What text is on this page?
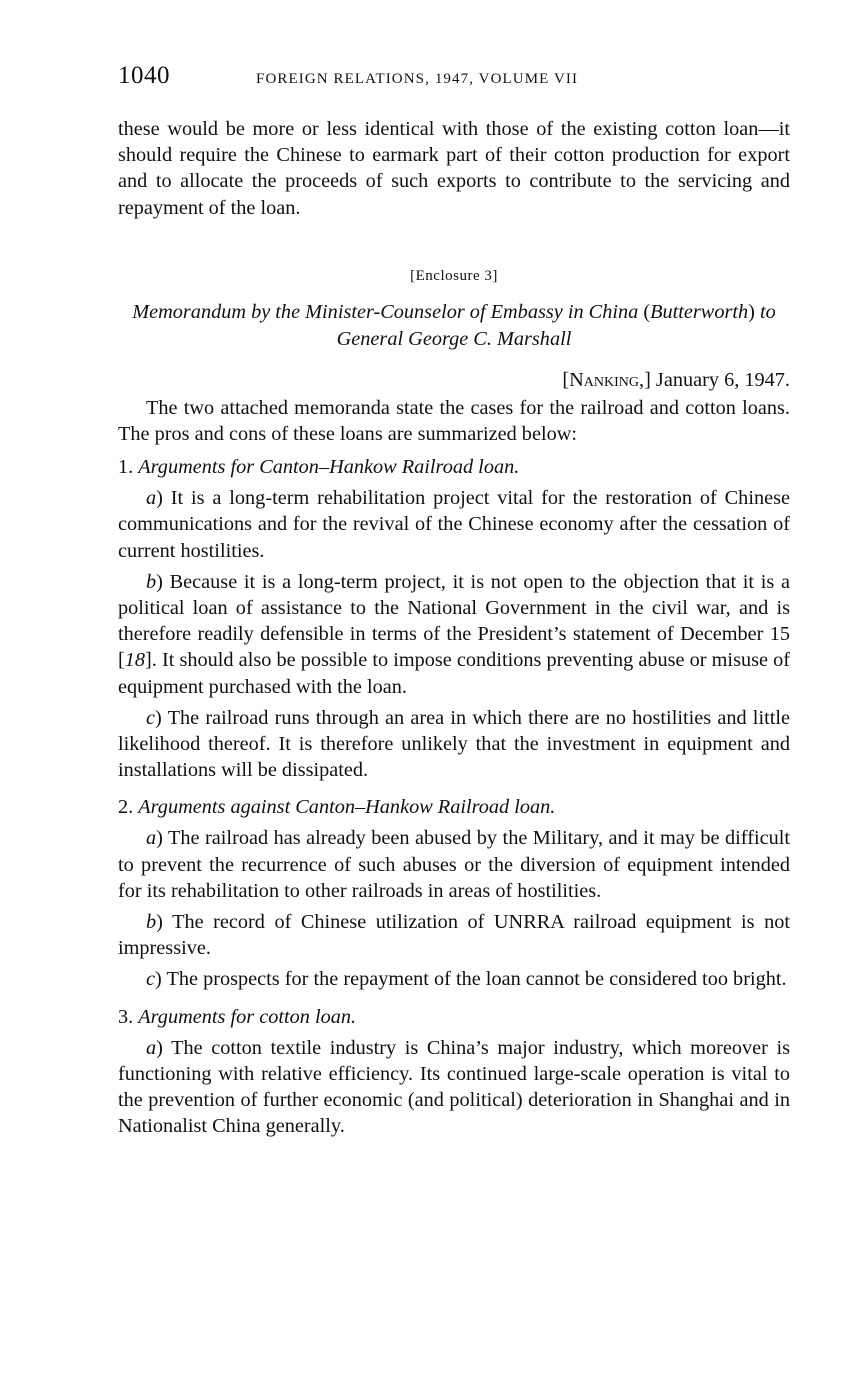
1040	FOREIGN RELATIONS, 1947, VOLUME VII

these would be more or less identical with those of the existing cotton loan—it should require the Chinese to earmark part of their cotton production for export and to allocate the proceeds of such exports to contribute to the servicing and repayment of the loan.

[Enclosure 3]
Memorandum by the Minister-Counselor of Embassy in China (Butterworth) to General George C. Marshall
[Nanking,] January 6, 1947.

The two attached memoranda state the cases for the railroad and cotton loans. The pros and cons of these loans are summarized below:

1. Arguments for Canton–Hankow Railroad loan.

a) It is a long-term rehabilitation project vital for the restoration of Chinese communications and for the revival of the Chinese economy after the cessation of current hostilities.

b) Because it is a long-term project, it is not open to the objection that it is a political loan of assistance to the National Government in the civil war, and is therefore readily defensible in terms of the President’s statement of December 15 [18]. It should also be possible to impose conditions preventing abuse or misuse of equipment purchased with the loan.

c) The railroad runs through an area in which there are no hostilities and little likelihood thereof. It is therefore unlikely that the investment in equipment and installations will be dissipated.

2. Arguments against Canton–Hankow Railroad loan.

a) The railroad has already been abused by the Military, and it may be difficult to prevent the recurrence of such abuses or the diversion of equipment intended for its rehabilitation to other railroads in areas of hostilities.

b) The record of Chinese utilization of UNRRA railroad equipment is not impressive.

c) The prospects for the repayment of the loan cannot be considered too bright.

3. Arguments for cotton loan.

a) The cotton textile industry is China’s major industry, which moreover is functioning with relative efficiency. Its continued large-scale operation is vital to the prevention of further economic (and political) deterioration in Shanghai and in Nationalist China generally.
